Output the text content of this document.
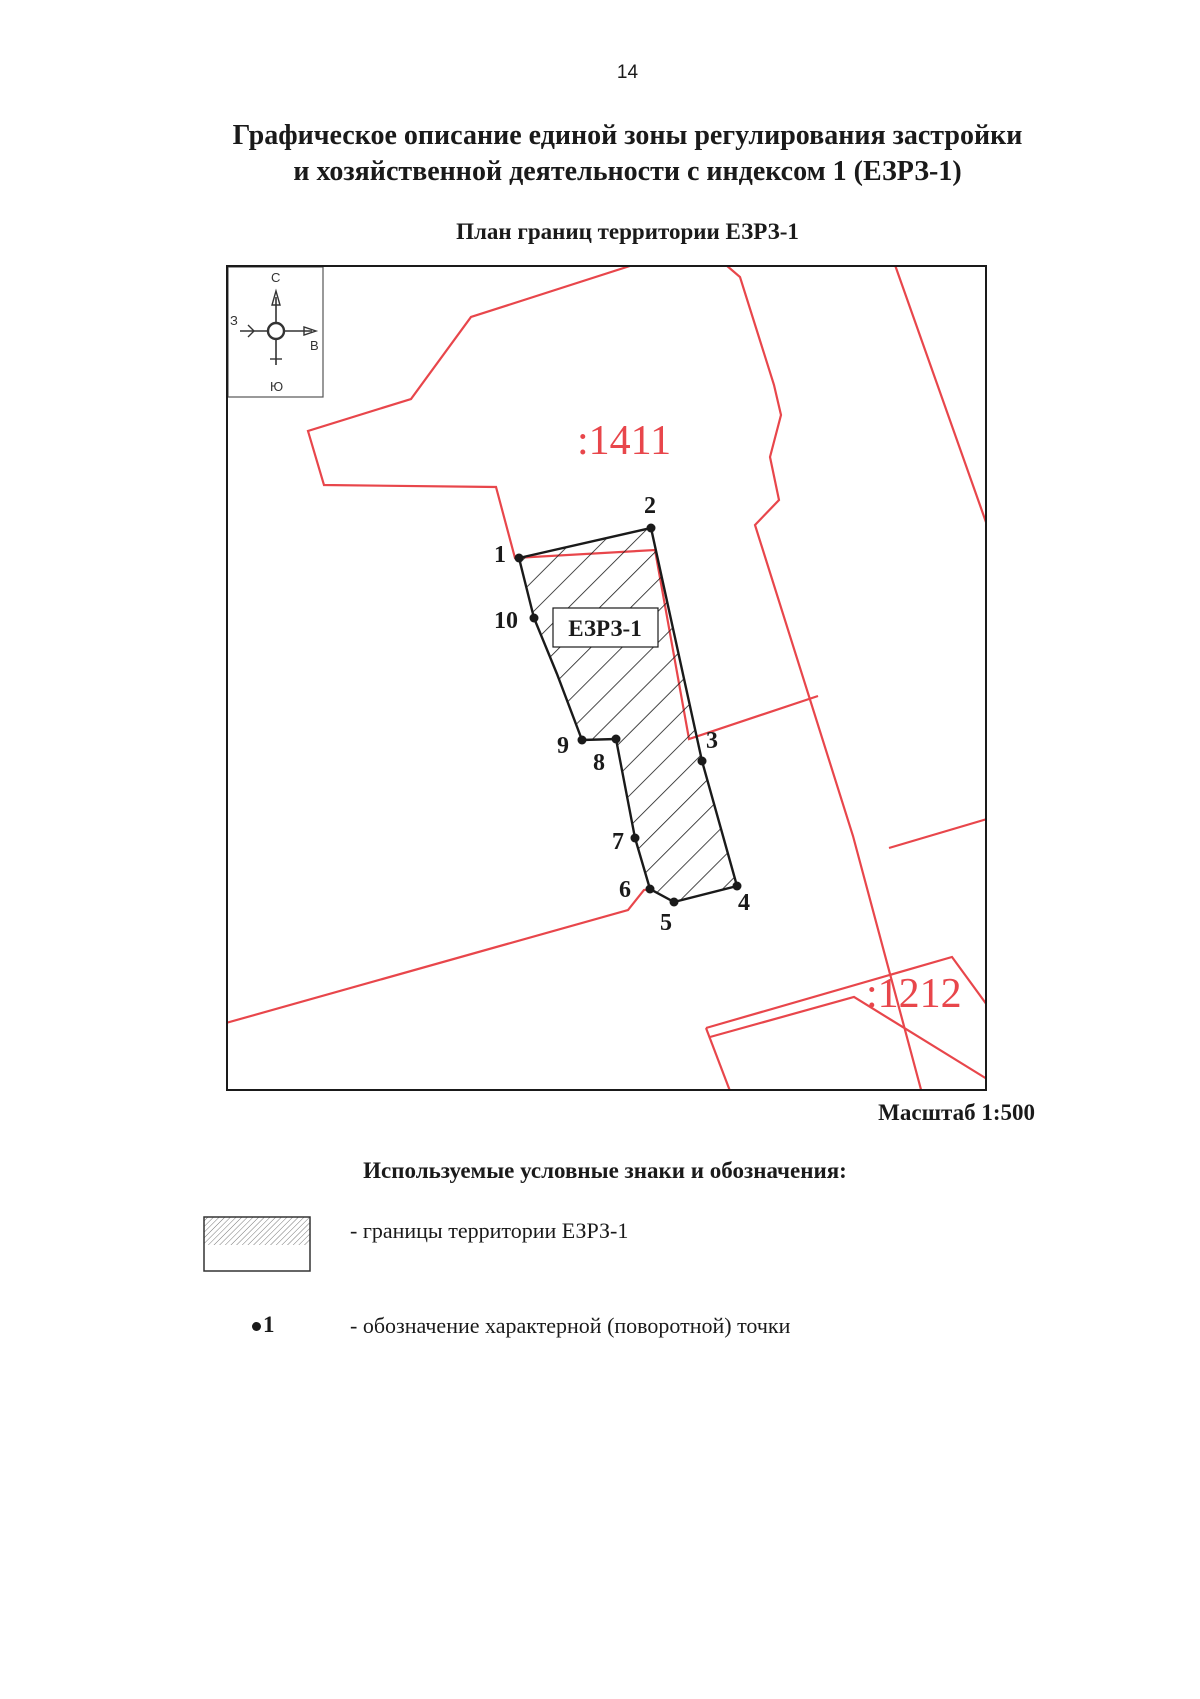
14
Графическое описание единой зоны регулирования застройки
и хозяйственной деятельности с индексом 1 (ЕЗРЗ-1)
План границ территории ЕЗРЗ-1
1
2
3
4
5
6
7
8
9
10 ЕЗРЗ-1
:1411
:1212
С
Ю
З
В
Масштаб 1:500
Используемые условные знаки и обозначения:
- границы территории ЕЗРЗ-1
1	- обозначение характерной (поворотной) точки
